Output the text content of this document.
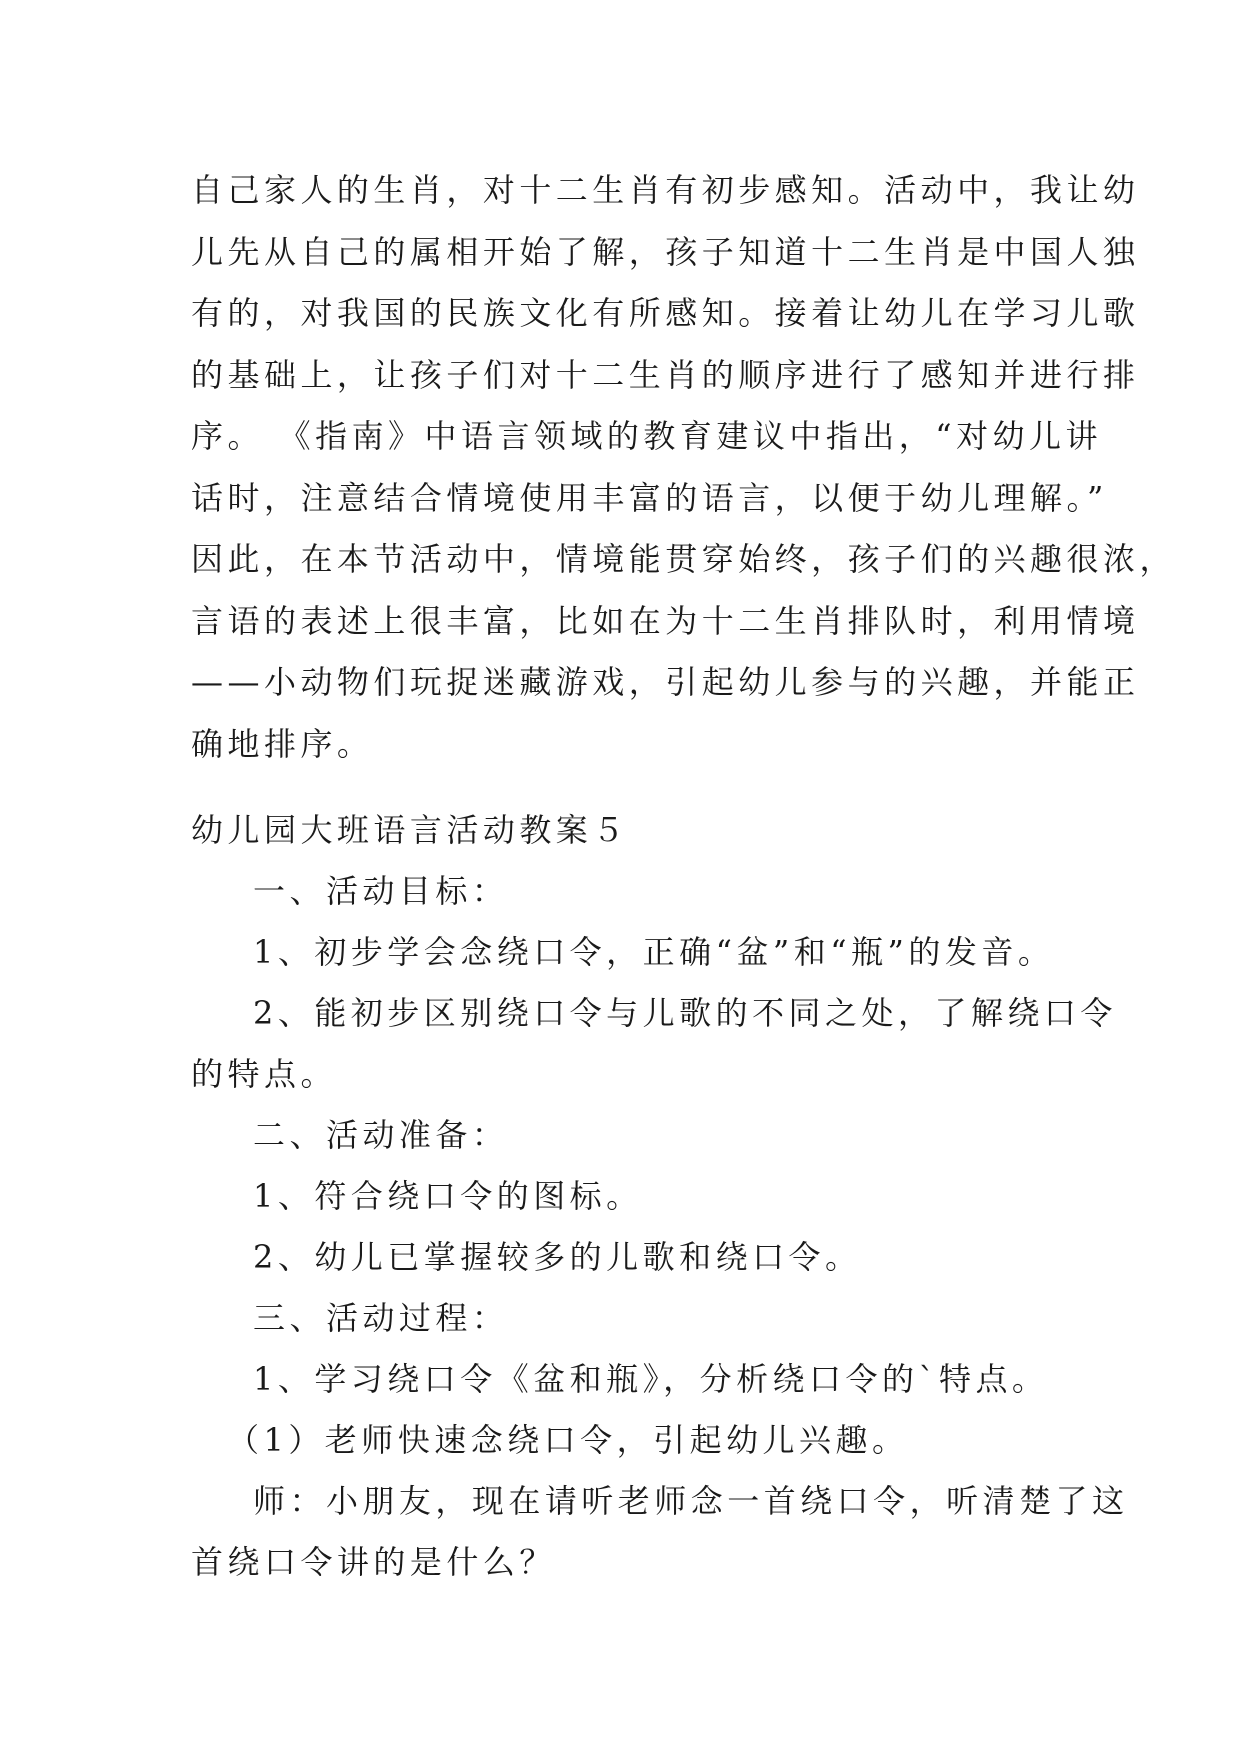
自己家人的生肖，对十二生肖有初步感知。活动中，我让幼
儿先从自己的属相开始了解，孩子知道十二生肖是中国人独
有的，对我国的民族文化有所感知。接着让幼儿在学习儿歌
的基础上，让孩子们对十二生肖的顺序进行了感知并进行排
序。 《指南》中语言领域的教育建议中指出，“对幼儿讲
话时，注意结合情境使用丰富的语言，以便于幼儿理解。”
因此，在本节活动中，情境能贯穿始终，孩子们的兴趣很浓，
言语的表述上很丰富，比如在为十二生肖排队时，利用情境
——小动物们玩捉迷藏游戏，引起幼儿参与的兴趣，并能正
确地排序。
幼儿园大班语言活动教案５
一、活动目标：
1、初步学会念绕口令，正确“盆”和“瓶”的发音。
2、能初步区别绕口令与儿歌的不同之处，了解绕口令
的特点。
二、活动准备：
1、符合绕口令的图标。
2、幼儿已掌握较多的儿歌和绕口令。
三、活动过程：
1、学习绕口令《盆和瓶》，分析绕口令的`特点。
（1）老师快速念绕口令，引起幼儿兴趣。
师：小朋友，现在请听老师念一首绕口令，听清楚了这
首绕口令讲的是什么？
